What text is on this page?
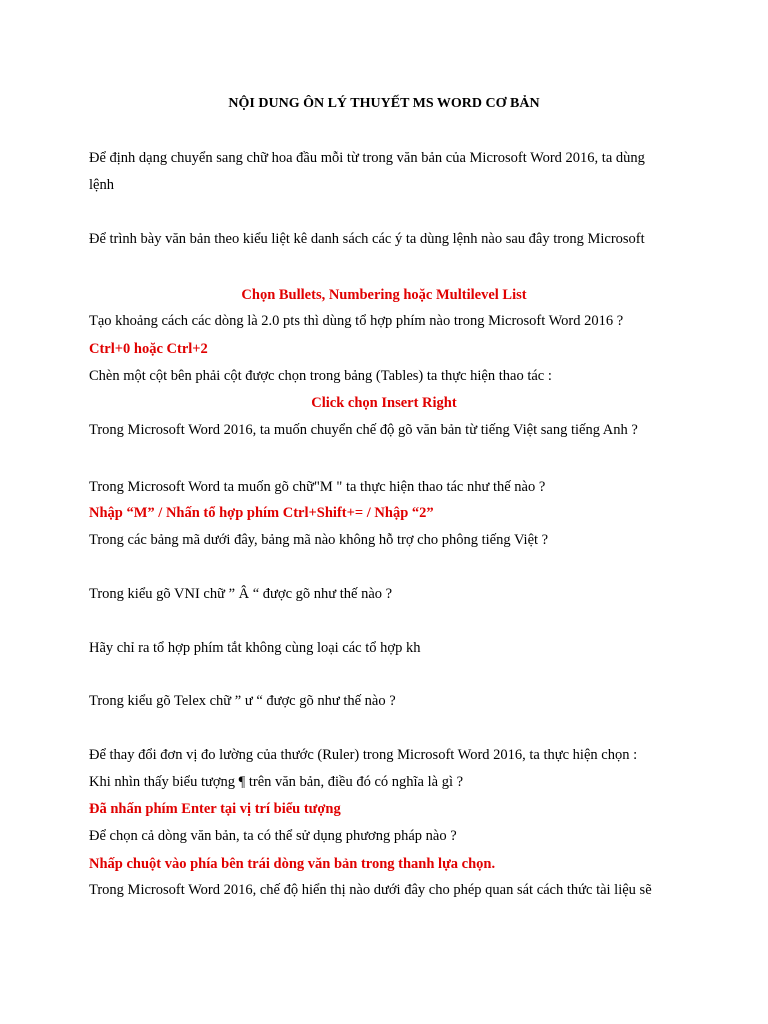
NỘI DUNG ÔN LÝ THUYẾT MS WORD CƠ BẢN
Để định dạng chuyển sang chữ hoa đầu mỗi từ trong văn bản của Microsoft Word 2016, ta dùng
lệnh
Để trình bày văn bản theo kiểu liệt kê danh sách các ý ta dùng lệnh nào sau đây trong Microsoft
Chọn Bullets, Numbering hoặc Multilevel List
Tạo khoảng cách các dòng là 2.0 pts thì dùng tổ hợp phím nào trong Microsoft Word 2016 ?
Ctrl+0 hoặc Ctrl+2
Chèn một cột bên phải cột được chọn trong bảng (Tables) ta thực hiện thao tác :
Click chọn Insert Right
Trong Microsoft Word 2016, ta muốn chuyển chế độ gõ văn bản từ tiếng Việt sang tiếng Anh ?
Trong Microsoft Word ta muốn gõ chữ"M " ta thực hiện thao tác như thế nào ?
Nhập “M” / Nhấn tổ hợp phím Ctrl+Shift+= / Nhập “2”
Trong các bảng mã dưới đây, bảng mã nào không hỗ trợ cho phông tiếng Việt ?
Trong kiểu gõ VNI chữ ” Â “ được gõ như thế nào ?
Hãy chỉ ra tổ hợp phím tắt không cùng loại các tổ hợp kh
Trong kiểu gõ Telex chữ ” ư “ được gõ như thế nào ?
Để thay đổi đơn vị đo lường của thước (Ruler) trong Microsoft Word 2016, ta thực hiện chọn :
Khi nhìn thấy biểu tượng ¶ trên văn bản, điều đó có nghĩa là gì ?
Đã nhấn phím Enter tại vị trí biểu tượng
Để chọn cả dòng văn bản, ta có thể sử dụng phương pháp nào ?
Nhấp chuột vào phía bên trái dòng văn bản trong thanh lựa chọn.
Trong Microsoft Word 2016, chế độ hiển thị nào dưới đây cho phép quan sát cách thức tài liệu sẽ
